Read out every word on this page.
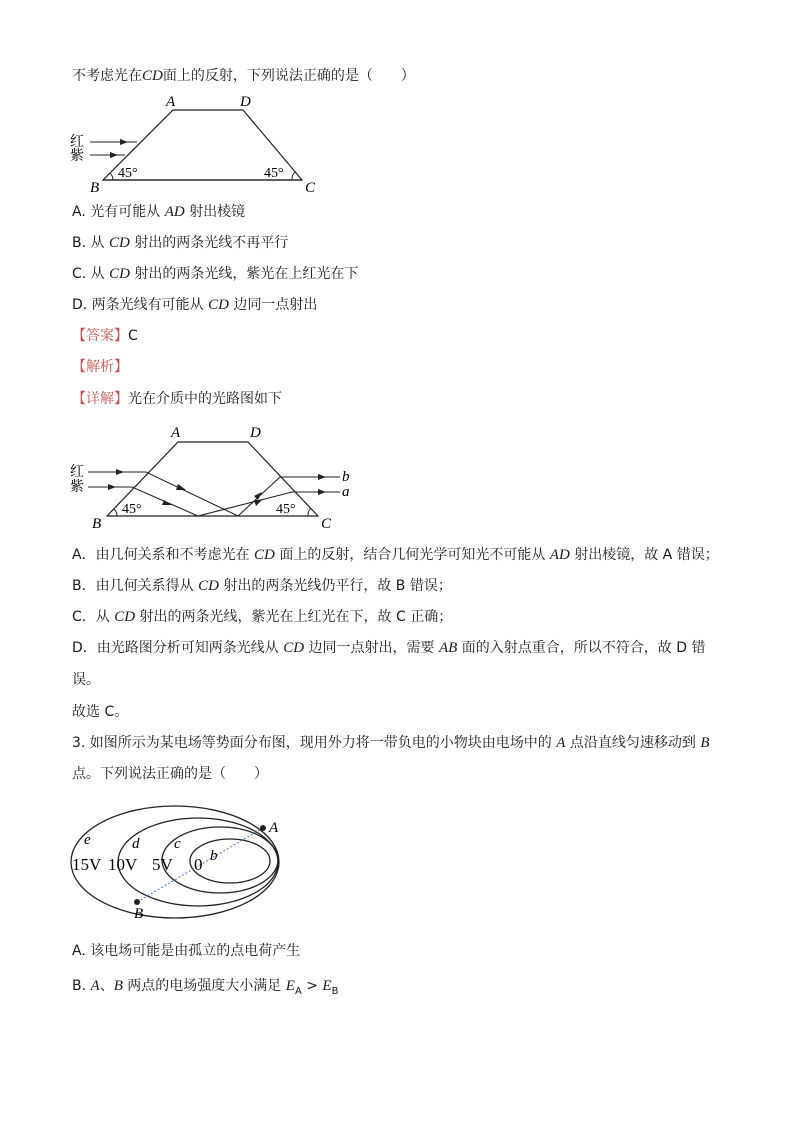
不考虑光在CD面上的反射，下列说法正确的是（　　）
A	D
B	C
红
紫
45°	45°
A. 光有可能从 AD 射出棱镜
B. 从 CD 射出的两条光线不再平行
C. 从 CD 射出的两条光线，紫光在上红光在下
D. 两条光线有可能从 CD 边同一点射出
【答案】C
【解析】
【详解】光在介质中的光路图如下
A	D
B	C
红
紫
b
a
45°	45°
A．由几何关系和不考虑光在 CD 面上的反射，结合几何光学可知光不可能从 AD 射出棱镜，故 A 错误；
B．由几何关系得从 CD 射出的两条光线仍平行，故 B 错误；
C．从 CD 射出的两条光线，紫光在上红光在下，故 C 正确；
D．由光路图分析可知两条光线从 CD 边同一点射出，需要 AB 面的入射点重合，所以不符合，故 D 错
误。
故选 C。
3. 如图所示为某电场等势面分布图，现用外力将一带负电的小物块由电场中的 A 点沿直线匀速移动到 B
点。下列说法正确的是（　　）
e	d c
b
15V 10V 5V 0
A
B
A. 该电场可能是由孤立的点电荷产生
B. A、B 两点的电场强度大小满足 $E_A > E_B$
